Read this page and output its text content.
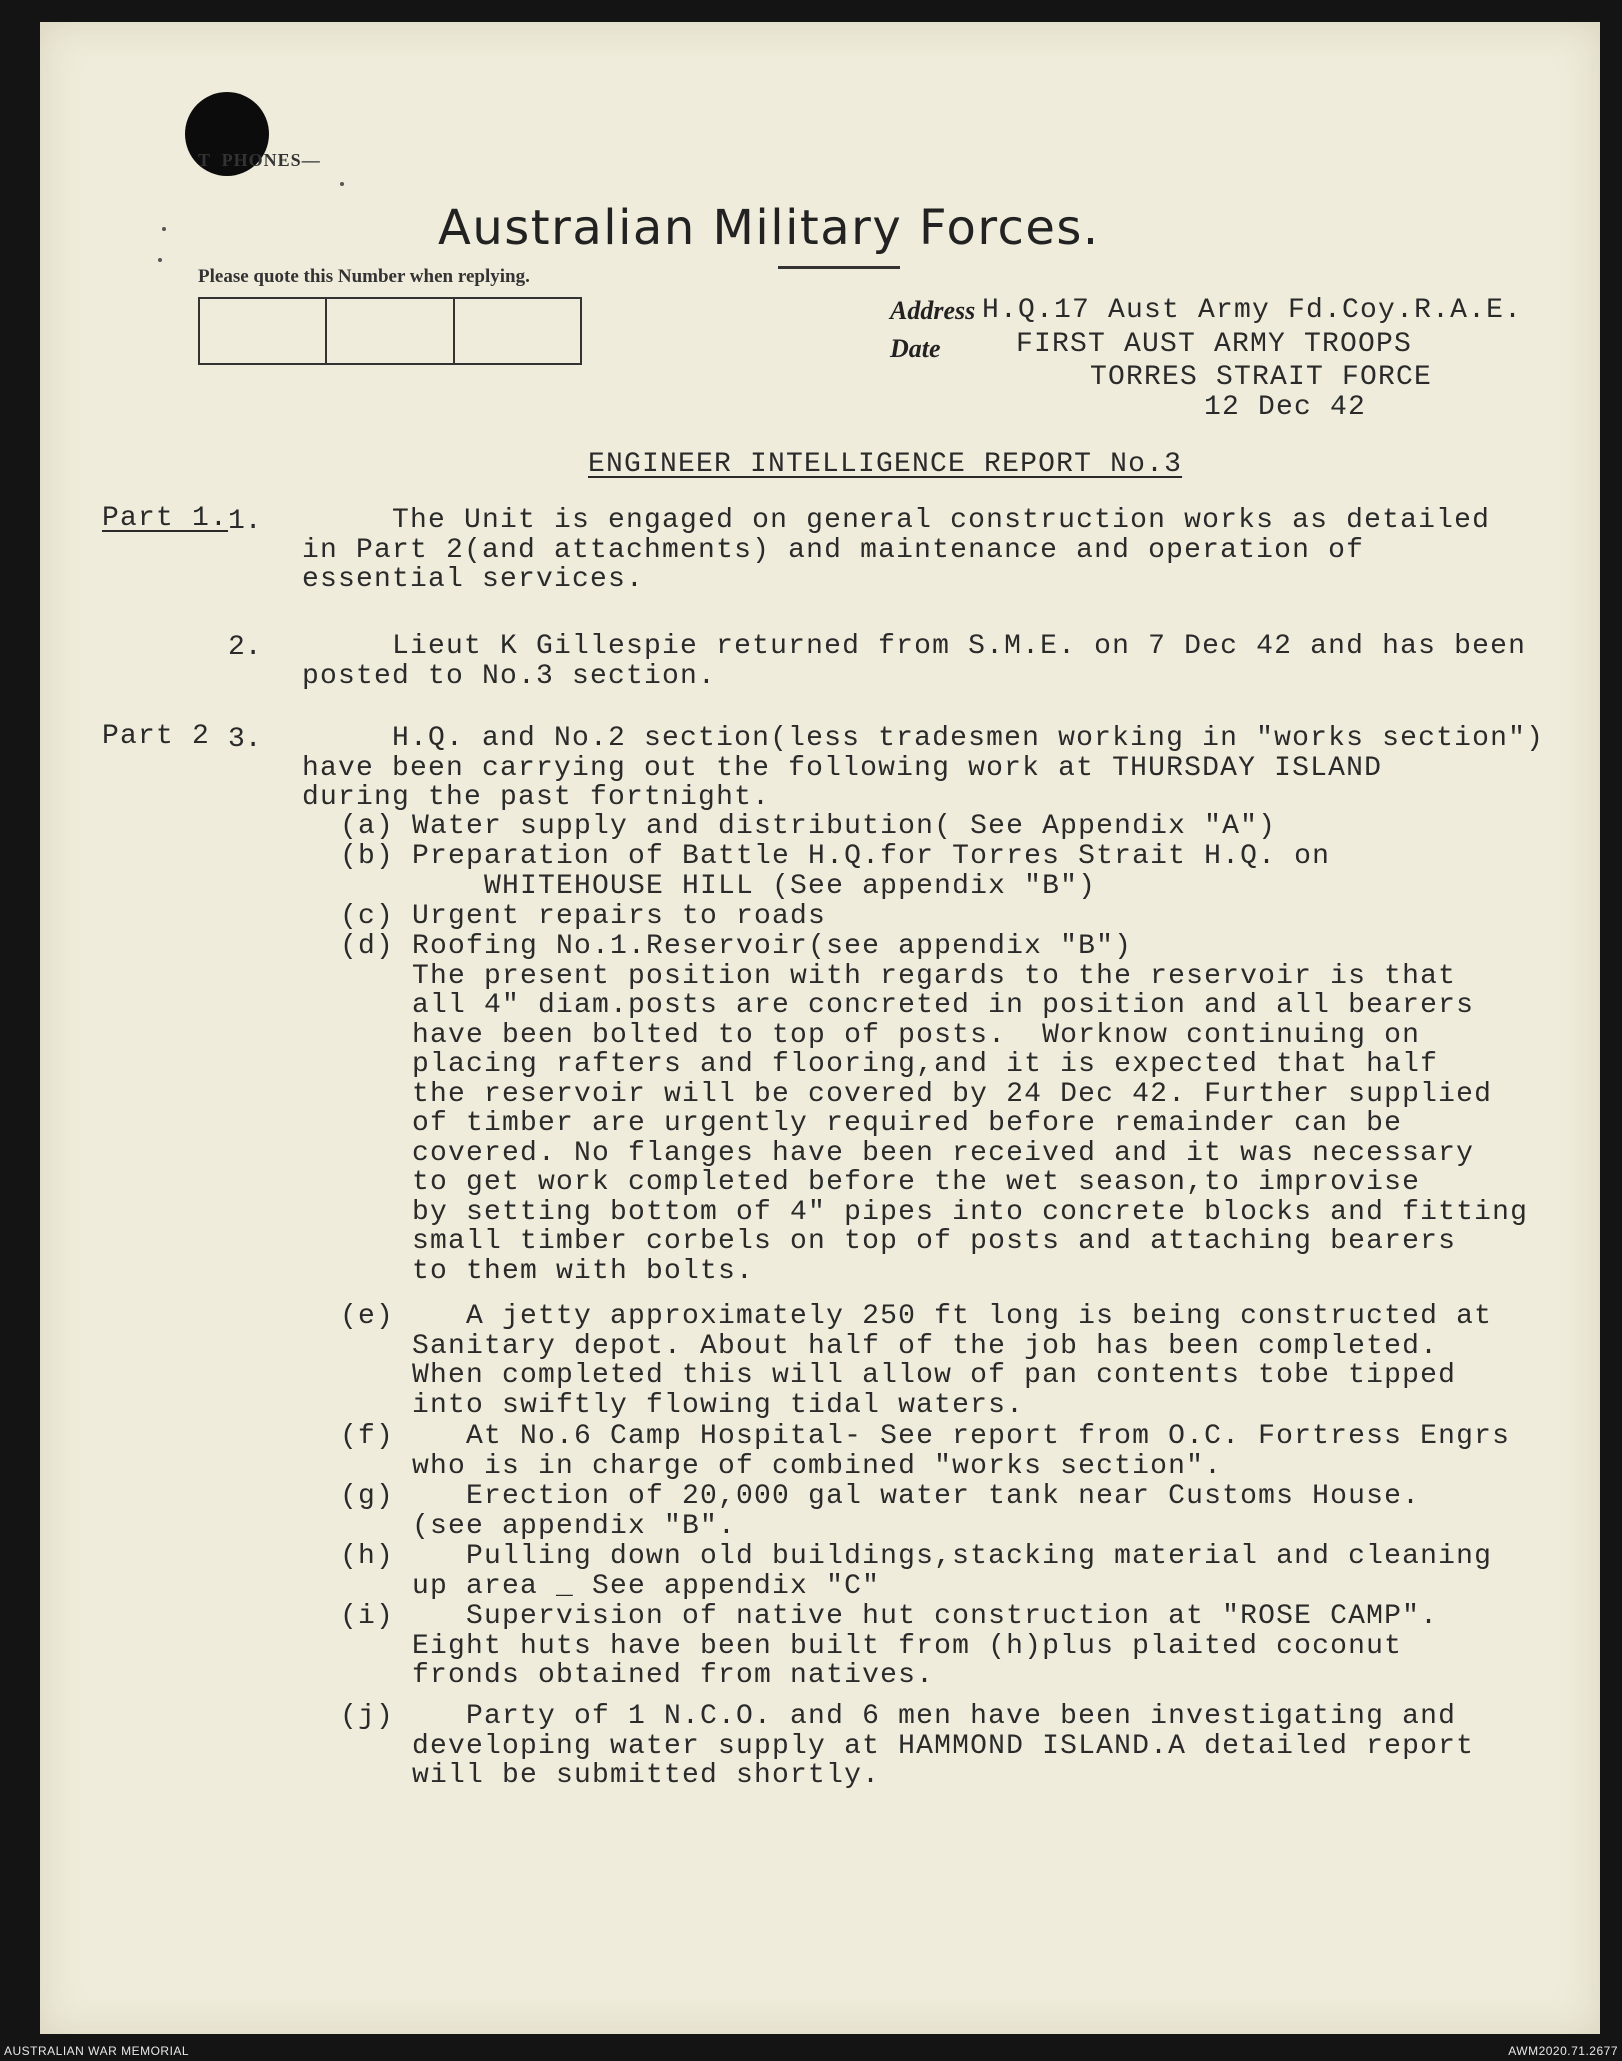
T  PHONES—
Australian Military Forces.
Please quote this Number when replying.
Address
Date
H.Q.17 Aust Army Fd.Coy.R.A.E.
FIRST AUST ARMY TROOPS
TORRES STRAIT FORCE
12 Dec 42
ENGINEER INTELLIGENCE REPORT No.3
Part 1.
Part 2
1. The Unit is engaged on general construction works as detailed
in Part 2(and attachments) and maintenance and operation of
essential services.
2. Lieut K Gillespie returned from S.M.E. on 7 Dec 42 and has been
posted to No.3 section.
3. H.Q. and No.2 section(less tradesmen working in "works section")
have been carrying out the following work at THURSDAY ISLAND
during the past fortnight.
(a) Water supply and distribution( See Appendix "A")
(b) Preparation of Battle H.Q.for Torres Strait H.Q. on
WHITEHOUSE HILL (See appendix "B")
(c) Urgent repairs to roads
(d) Roofing No.1.Reservoir(see appendix "B")
The present position with regards to the reservoir is that
all 4" diam.posts are concreted in position and all bearers
have been bolted to top of posts.  Worknow continuing on
placing rafters and flooring,and it is expected that half
the reservoir will be covered by 24 Dec 42. Further supplied
of timber are urgently required before remainder can be
covered. No flanges have been received and it was necessary
to get work completed before the wet season,to improvise
by setting bottom of 4" pipes into concrete blocks and fitting
small timber corbels on top of posts and attaching bearers
to them with bolts.
(e) A jetty approximately 250 ft long is being constructed at
Sanitary depot. About half of the job has been completed.
When completed this will allow of pan contents tobe tipped
into swiftly flowing tidal waters.
(f) At No.6 Camp Hospital- See report from O.C. Fortress Engrs
who is in charge of combined "works section".
(g) Erection of 20,000 gal water tank near Customs House.
(see appendix "B".
(h) Pulling down old buildings,stacking material and cleaning
up area _ See appendix "C"
(i) Supervision of native hut construction at "ROSE CAMP".
Eight huts have been built from (h)plus plaited coconut
fronds obtained from natives.
(j) Party of 1 N.C.O. and 6 men have been investigating and
developing water supply at HAMMOND ISLAND.A detailed report
will be submitted shortly.
AUSTRALIAN WAR MEMORIAL	AWM2020.71.2677
